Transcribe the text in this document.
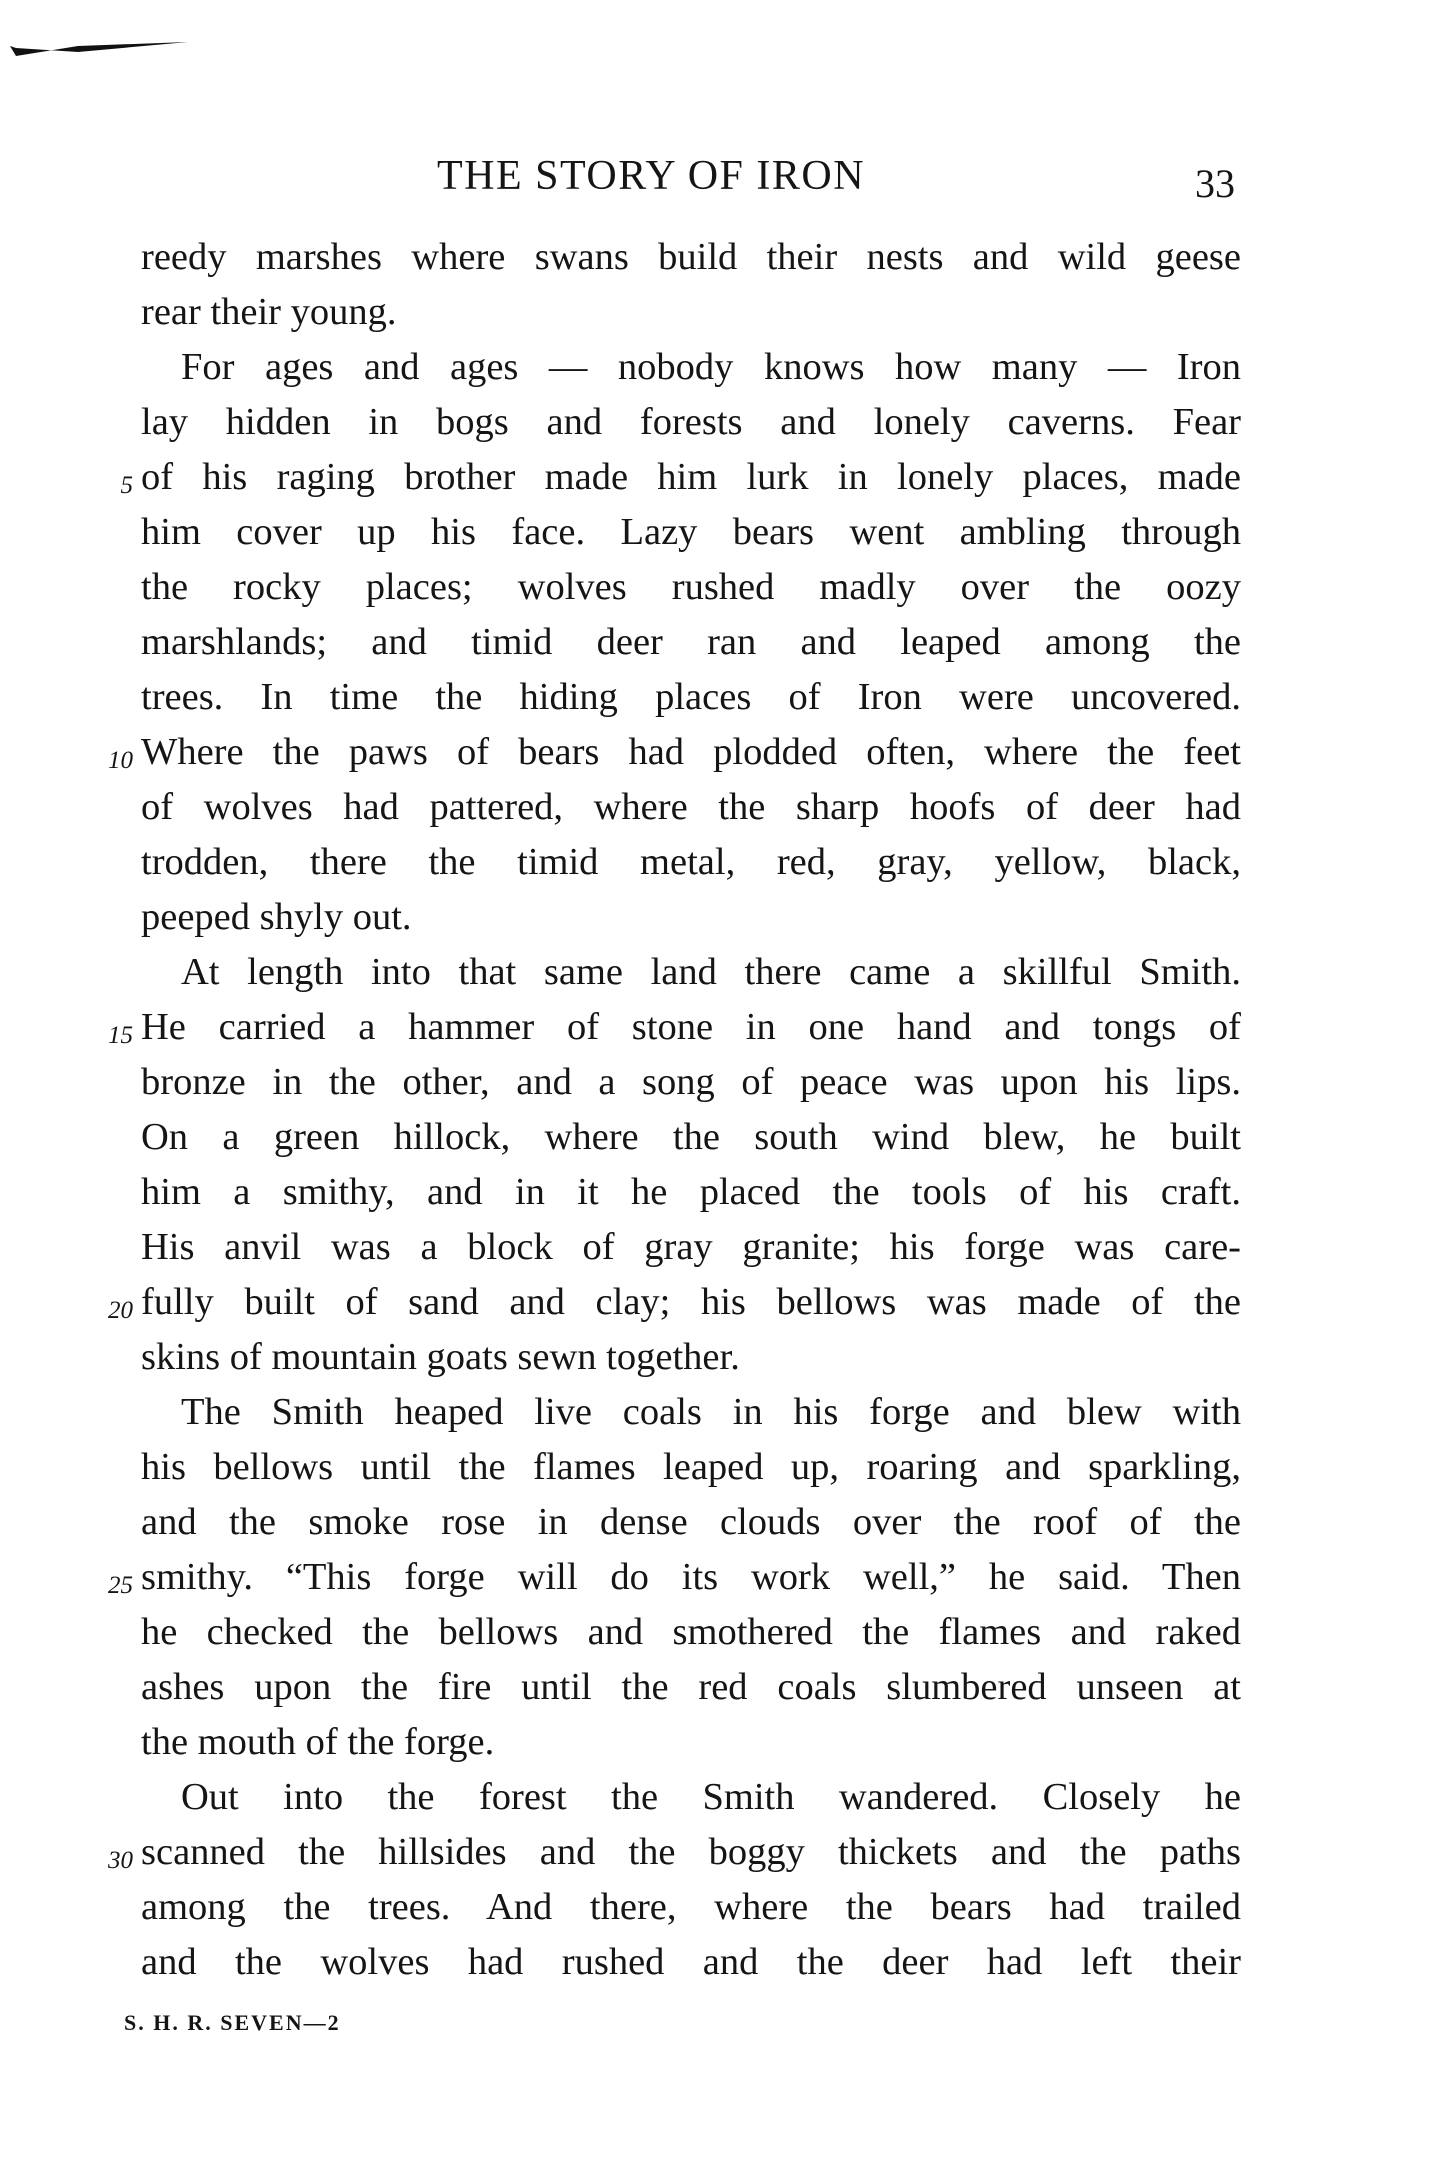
THE STORY OF IRON	33
reedy marshes where swans build their nests and wild geese
rear their young.
For ages and ages — nobody knows how many — Iron
lay hidden in bogs and forests and lonely caverns. Fear
5 of his raging brother made him lurk in lonely places, made
him cover up his face. Lazy bears went ambling through
the rocky places; wolves rushed madly over the oozy
marshlands; and timid deer ran and leaped among the
trees. In time the hiding places of Iron were uncovered.
10 Where the paws of bears had plodded often, where the feet
of wolves had pattered, where the sharp hoofs of deer had
trodden, there the timid metal, red, gray, yellow, black,
peeped shyly out.
At length into that same land there came a skillful Smith.
15 He carried a hammer of stone in one hand and tongs of
bronze in the other, and a song of peace was upon his lips.
On a green hillock, where the south wind blew, he built
him a smithy, and in it he placed the tools of his craft.
His anvil was a block of gray granite; his forge was care-
20 fully built of sand and clay; his bellows was made of the
skins of mountain goats sewn together.
The Smith heaped live coals in his forge and blew with
his bellows until the flames leaped up, roaring and sparkling,
and the smoke rose in dense clouds over the roof of the
25 smithy. “This forge will do its work well,” he said. Then
he checked the bellows and smothered the flames and raked
ashes upon the fire until the red coals slumbered unseen at
the mouth of the forge.
Out into the forest the Smith wandered. Closely he
30 scanned the hillsides and the boggy thickets and the paths
among the trees. And there, where the bears had trailed
and the wolves had rushed and the deer had left their
S. H. R. SEVEN—2
